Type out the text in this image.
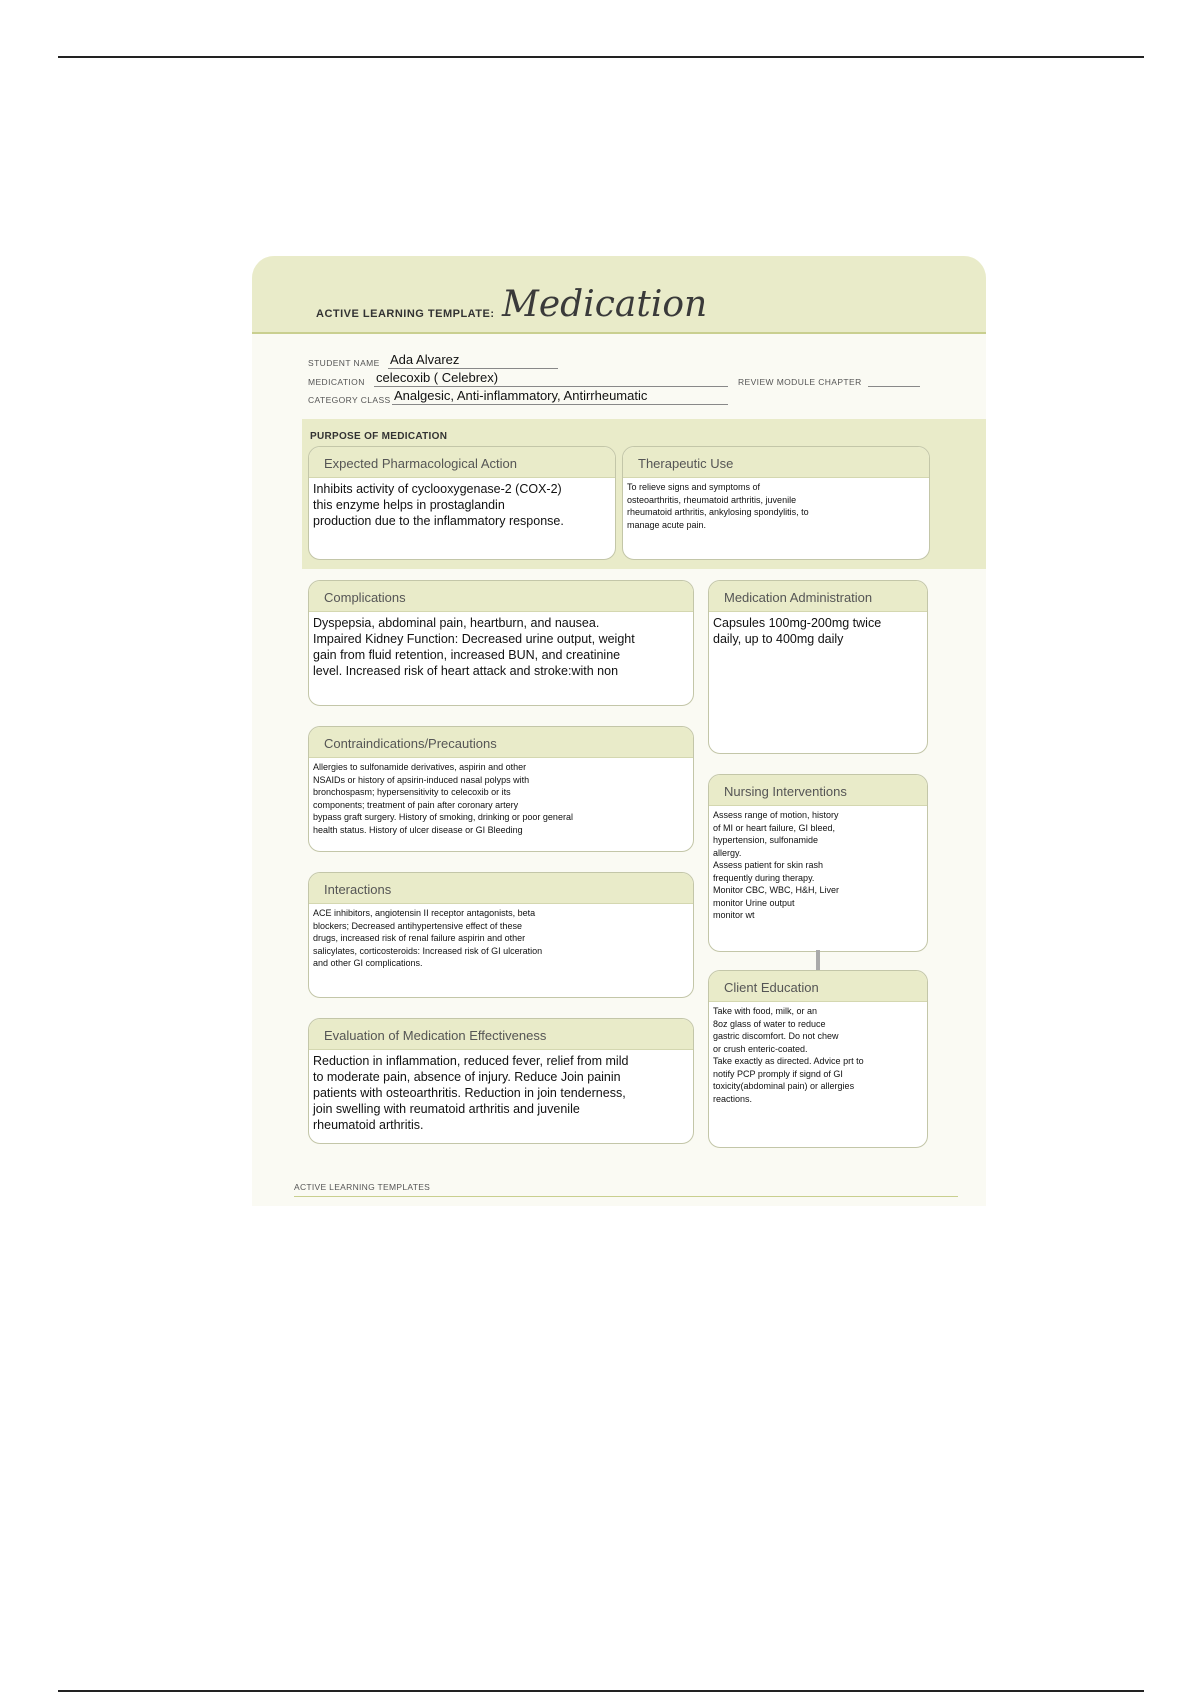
ACTIVE LEARNING TEMPLATE: Medication
STUDENT NAME Ada Alvarez
MEDICATION celecoxib ( Celebrex)	REVIEW MODULE CHAPTER
CATEGORY CLASS Analgesic, Anti-inflammatory, Antirrheumatic
PURPOSE OF MEDICATION
Expected Pharmacological Action
Inhibits activity of cyclooxygenase-2 (COX-2)
this enzyme helps in prostaglandin
production due to the inflammatory response.
Therapeutic Use
To relieve signs and symptoms of
osteoarthritis, rheumatoid arthritis, juvenile
rheumatoid arthritis, ankylosing spondylitis, to
manage acute pain.
Complications
Dyspepsia, abdominal pain, heartburn, and nausea.
Impaired Kidney Function: Decreased urine output, weight
gain from fluid retention, increased BUN, and creatinine
level. Increased risk of heart attack and stroke:with non
Medication Administration
Capsules 100mg-200mg twice
daily, up to 400mg daily
Contraindications/Precautions
Allergies to sulfonamide derivatives, aspirin and other
NSAIDs or history of apsirin-induced nasal polyps with
bronchospasm; hypersensitivity to celecoxib or its
components; treatment of pain after coronary artery
bypass graft surgery. History of smoking, drinking or poor general
health status. History of ulcer disease or GI Bleeding
Nursing Interventions
Assess range of motion, history
of MI or heart failure, GI bleed,
hypertension, sulfonamide
allergy.
Assess patient for skin rash
frequently during therapy.
Monitor CBC, WBC, H&H, Liver
monitor Urine output
monitor wt
Interactions
ACE inhibitors, angiotensin II receptor antagonists, beta
blockers; Decreased antihypertensive effect of these
drugs, increased risk of renal failure aspirin and other
salicylates, corticosteroids: Increased risk of GI ulceration
and other GI complications.
Client Education
Take with food, milk, or an
8oz glass of water to reduce
gastric discomfort. Do not chew
or crush enteric-coated.
Take exactly as directed. Advice prt to
notify PCP promply if signd of GI
toxicity(abdominal pain) or allergies
reactions.
Evaluation of Medication Effectiveness
Reduction in inflammation, reduced fever, relief from mild
to moderate pain, absence of injury. Reduce Join painin
patients with osteoarthritis. Reduction in join tenderness,
join swelling with reumatoid arthritis and juvenile
rheumatoid arthritis.
ACTIVE LEARNING TEMPLATES
